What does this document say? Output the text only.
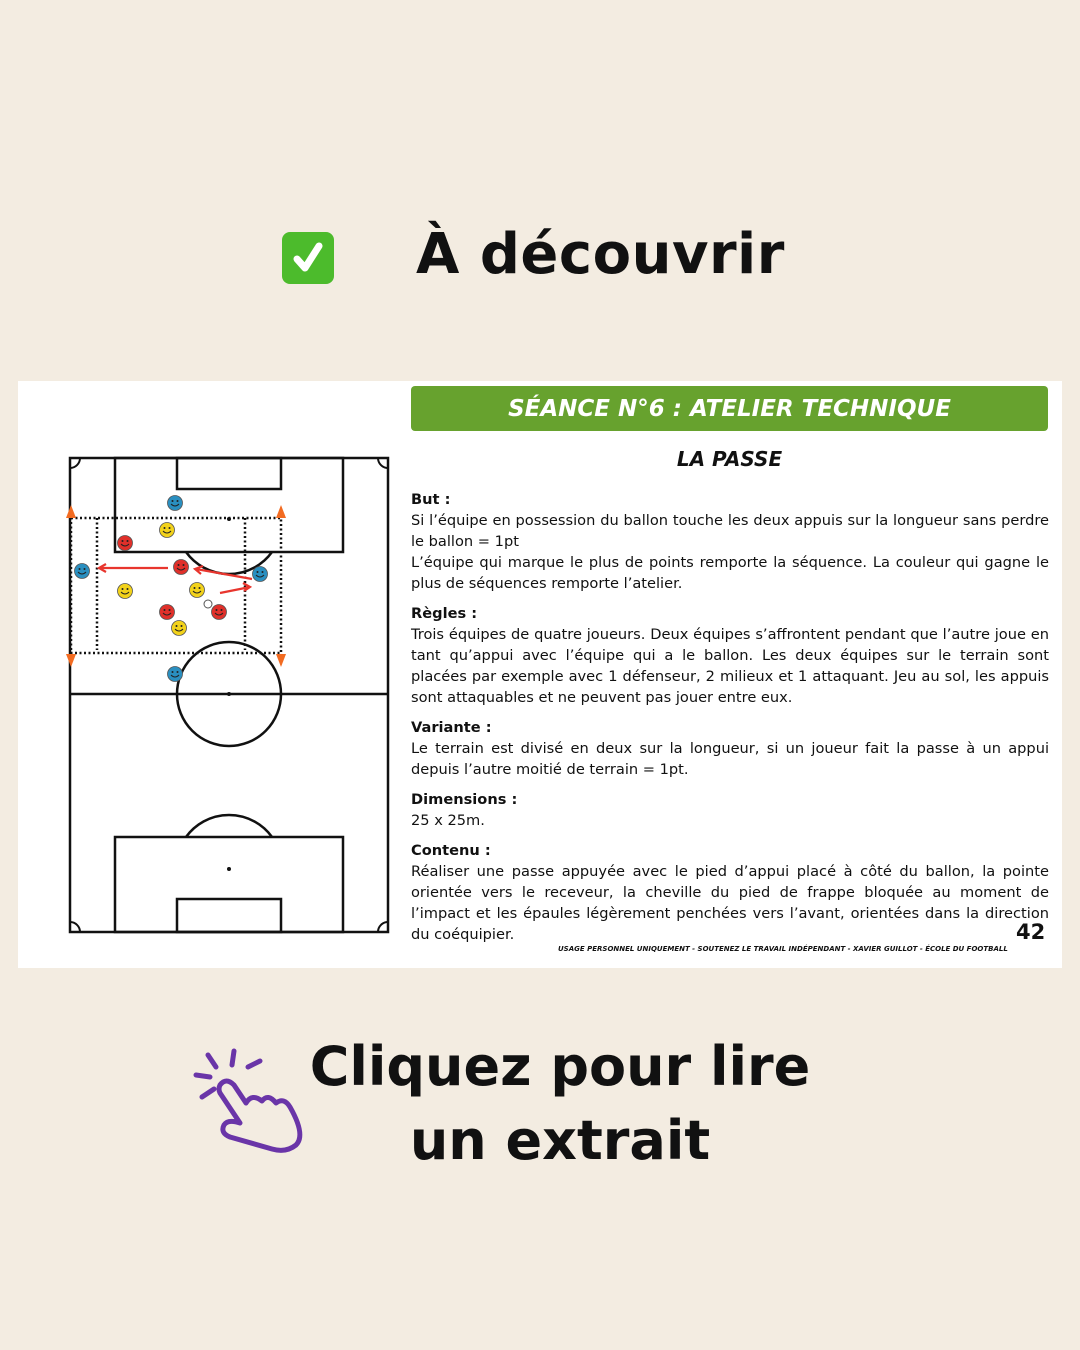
À découvrir
SÉANCE N°6 : ATELIER TECHNIQUE
LA PASSE
But :

Si l’équipe en possession du ballon touche les deux appuis sur la longueur sans perdre le ballon = 1pt

L’équipe qui marque le plus de points remporte la séquence. La couleur qui gagne le plus de séquences remporte l’atelier.

Règles :

Trois équipes de quatre joueurs. Deux équipes s’affrontent pendant que l’autre joue en tant qu’appui avec l’équipe qui a le ballon. Les deux équipes sur le terrain sont placées par exemple avec 1 défenseur, 2 milieux et 1 attaquant. Jeu au sol, les appuis sont attaquables et ne peuvent pas jouer entre eux.

Variante :

Le terrain est divisé en deux sur la longueur, si un joueur fait la passe à un appui depuis l’autre moitié de terrain = 1pt.

Dimensions :

25 x 25m.

Contenu :

Réaliser une passe appuyée avec le pied d’appui placé à côté du ballon, la pointe orientée vers le receveur, la cheville du pied de frappe bloquée au moment de l’impact et les épaules légèrement penchées vers l’avant, orientées dans la direction du coéquipier.	42
USAGE PERSONNEL UNIQUEMENT - SOUTENEZ LE TRAVAIL INDÉPENDANT - XAVIER GUILLOT - ÉCOLE DU FOOTBALL
Cliquez pour lire
un extrait
